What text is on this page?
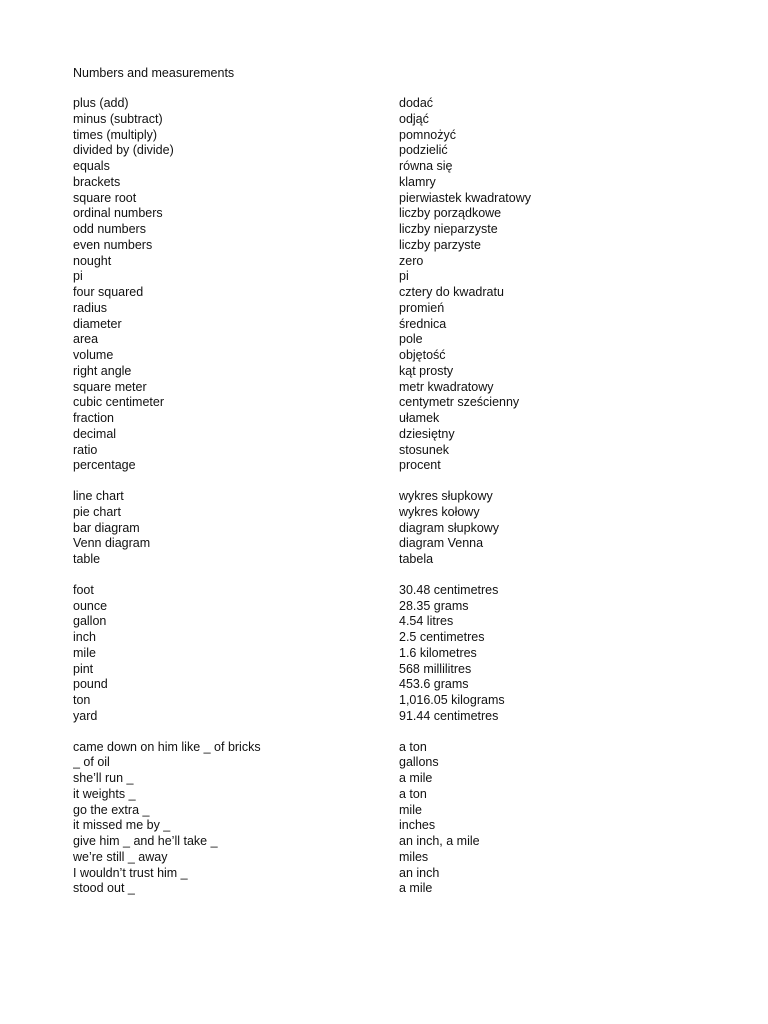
Numbers and measurements
plus (add)	dodać
minus (subtract)	odjąć
times (multiply)	pomnożyć
divided by (divide)	podzielić
equals	równa się
brackets	klamry
square root	pierwiastek kwadratowy
ordinal numbers	liczby porządkowe
odd numbers	liczby nieparzyste
even numbers	liczby parzyste
nought	zero
pi	pi
four squared	cztery do kwadratu
radius	promień
diameter	średnica
area	pole
volume	objętość
right angle	kąt prosty
square meter	metr kwadratowy
cubic centimeter	centymetr sześcienny
fraction	ułamek
decimal	dziesiętny
ratio	stosunek
percentage	procent
line chart	wykres słupkowy
pie chart	wykres kołowy
bar diagram	diagram słupkowy
Venn diagram	diagram Venna
table	tabela
foot	30.48 centimetres
ounce	28.35 grams
gallon	4.54 litres
inch	2.5 centimetres
mile	1.6 kilometres
pint	568 millilitres
pound	453.6 grams
ton	1,016.05 kilograms
yard	91.44 centimetres
came down on him like _ of bricks	a ton
_ of oil	gallons
she’ll run _	a mile
it weights _	a ton
go the extra _	mile
it missed me by _	inches
give him _ and he’ll take _	an inch, a mile
we’re still _ away	miles
I wouldn’t trust him _	an inch
stood out _	a mile
